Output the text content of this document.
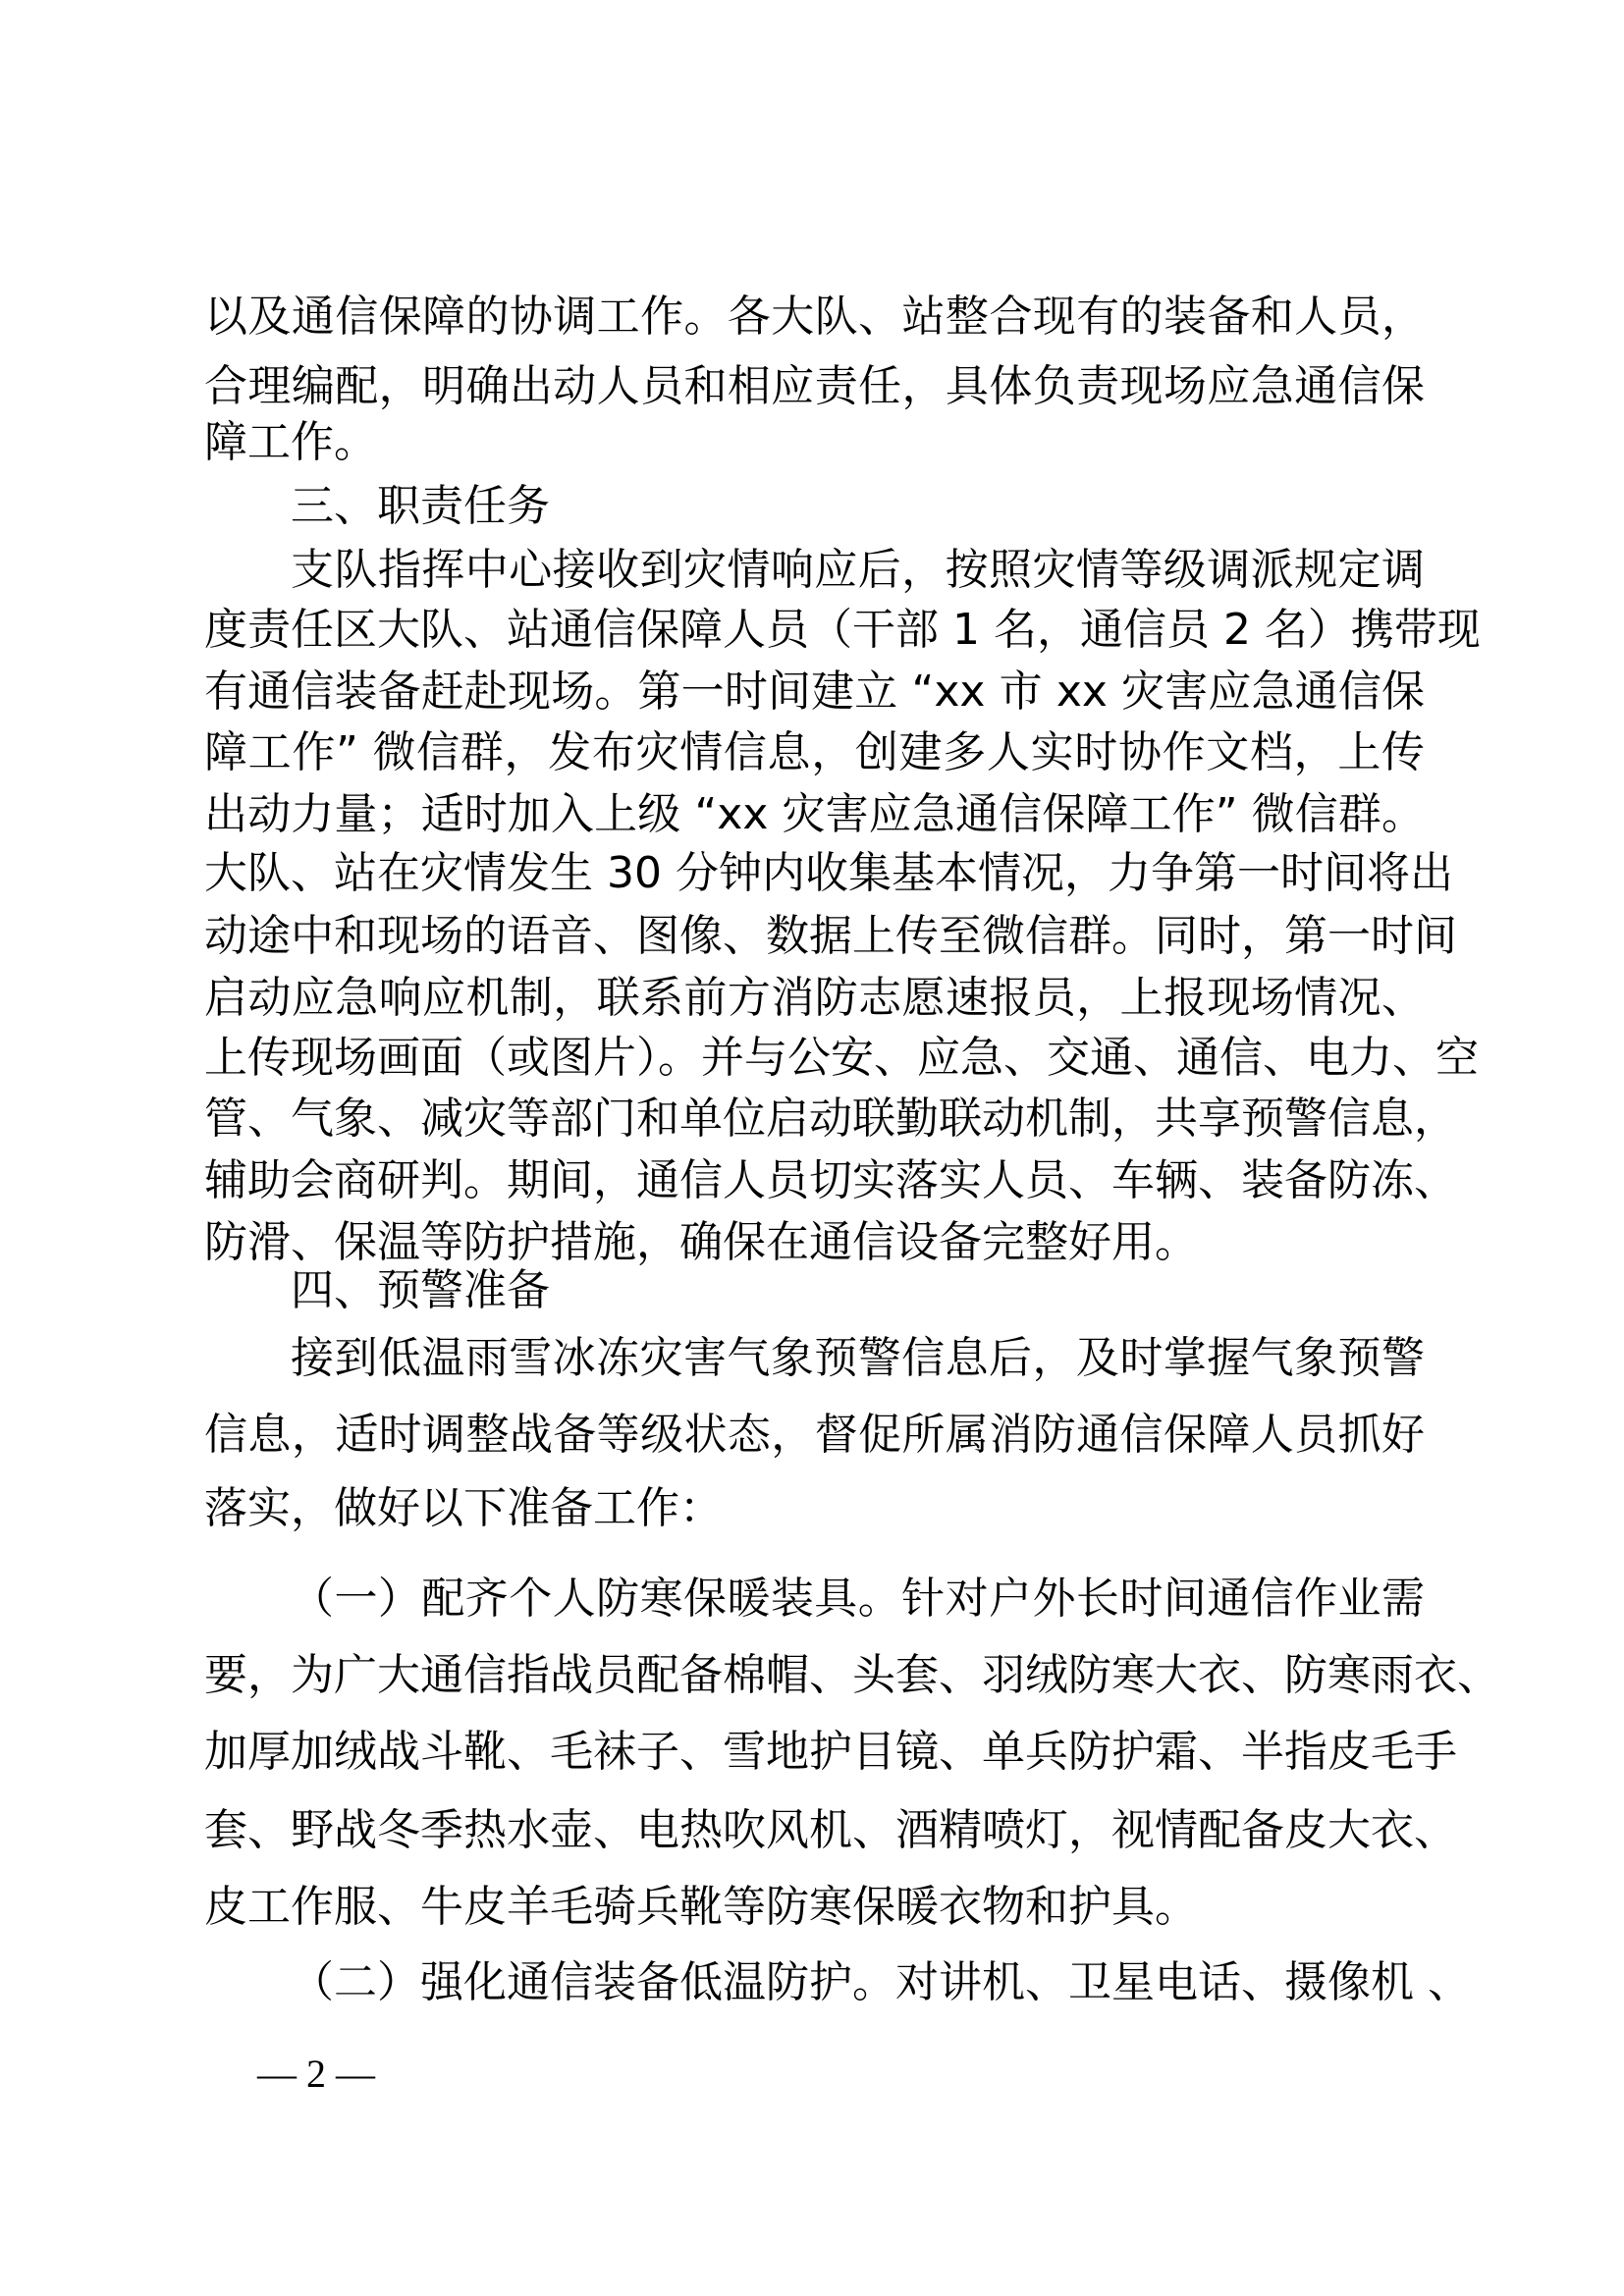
— 2 —
以及通信保障的协调工作。各大队、站整合现有的装备和人员，
合理编配，明确出动人员和相应责任，具体负责现场应急通信保
障工作。
三、职责任务
支队指挥中心接收到灾情响应后，按照灾情等级调派规定调
度责任区大队、站通信保障人员（干部 1 名，通信员 2 名）携带现
有通信装备赶赴现场。第一时间建立 “xx 市 xx 灾害应急通信保
障工作” 微信群，发布灾情信息，创建多人实时协作文档，上传
出动力量；适时加入上级 “xx 灾害应急通信保障工作” 微信群。
大队、站在灾情发生 30 分钟内收集基本情况，力争第一时间将出
动途中和现场的语音、图像、数据上传至微信群。同时，第一时间
启动应急响应机制，联系前方消防志愿速报员，上报现场情况、
上传现场画面（或图片）。并与公安、应急、交通、通信、电力、空
管、气象、减灾等部门和单位启动联勤联动机制，共享预警信息，
辅助会商研判。期间，通信人员切实落实人员、车辆、装备防冻、
防滑、保温等防护措施，确保在通信设备完整好用。
四、预警准备
接到低温雨雪冰冻灾害气象预警信息后，及时掌握气象预警
信息，适时调整战备等级状态，督促所属消防通信保障人员抓好
落实，做好以下准备工作：
（一）配齐个人防寒保暖装具。针对户外长时间通信作业需
要，为广大通信指战员配备棉帽、头套、羽绒防寒大衣、防寒雨衣、
加厚加绒战斗靴、毛袜子、雪地护目镜、单兵防护霜、半指皮毛手
套、野战冬季热水壶、电热吹风机、酒精喷灯，视情配备皮大衣、
皮工作服、牛皮羊毛骑兵靴等防寒保暖衣物和护具。
（二）强化通信装备低温防护。对讲机、卫星电话、摄像机 、
